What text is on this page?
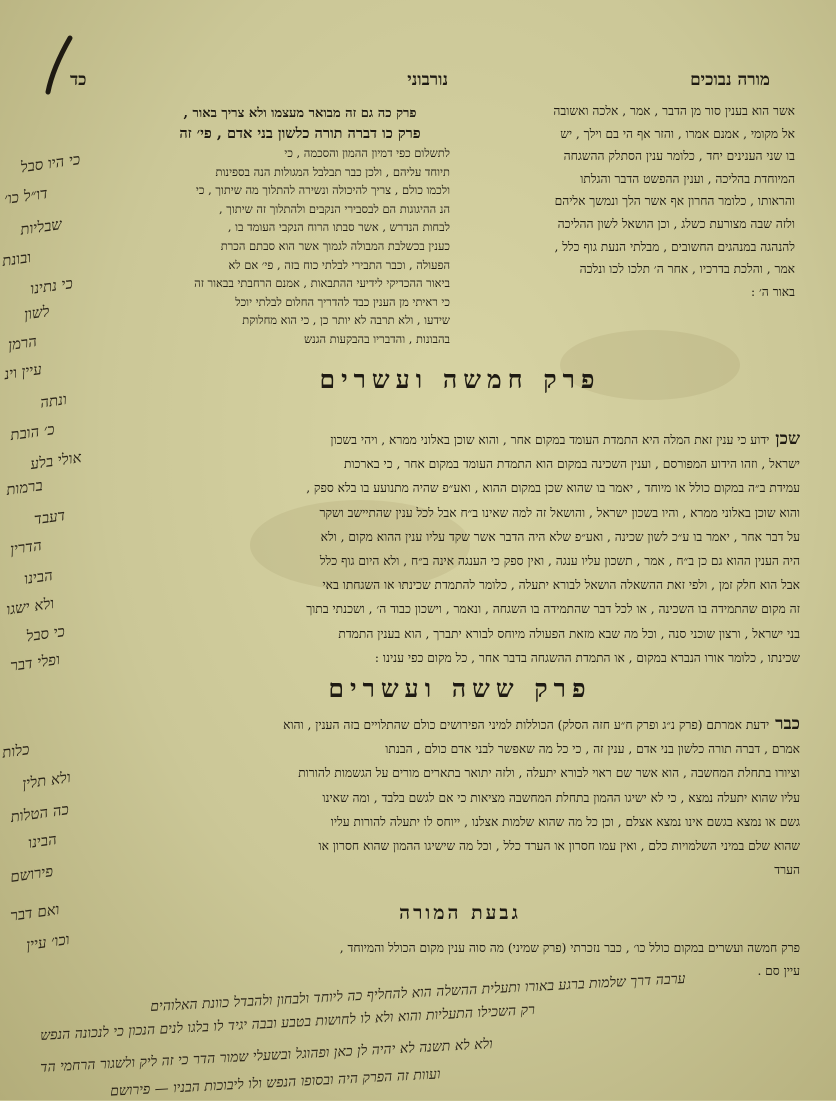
מורה נבוכים
נורבוני
כד
אשר הוא בענין סור מן הדבר , אמר , אלכה ואשובה
אל מקומי , אמנם אמרו , והזר אף הי בם וילך , יש
בו שני הענינים יחד , כלומר ענין הסתלק ההשגחה
המיוחדת בהליכה , וענין ההפשט הדבר והגלתו
והראותו , כלומר החרון אף אשר הלך ונמשך אליהם
ולזה שבה מצורעת כשלג , וכן הושאל לשון ההליכה
להנהגה במנהגים החשובים , מבלתי הנעת גוף כלל ,
אמר , והלכת בדרכיו , אחר ה׳ תלכו לכו ונלכה
באור ה׳ :
פרק כה גם זה מבואר מעצמו ולא צריך באור ,
פרק כו דברה תורה כלשון בני אדם , פי׳ זה
לתשלום כפי דמיון ההמון והסכמה , כי
תיוחד עליהם , ולכן כבר תבלבל המגולות הנה בספינות
ולכמו כולם , צריך להיכולה ונשירה להתלוך מה שיתוך , כי
הנ ההיגוגות הם לבסבירי הנקבים ולהתלוך זה שיתוך ,
לבחות הנדרש , אשר סבתו הרוח הנקבי העומד בו ,
כענין בכשלבת המבולה לגמוך אשר הוא סבתם הכרת
הפעולה , וכבר התבירי לבלתי כוח בזה , פי׳ אם לא
ביאור ההכדיקי לידיעי ההתבאות , אמנם הרחבתי בבאור זה
כי ראיתי מן הענין כבד להדריך החלום לבלתי יוכל
שידעו , ולא תרבה לא יותר כן , כי הוא מחלוקת
בהבונות , והדבריו בהבקעות הגנש
פרק חמשה ועשרים

שכן ידוע כי ענין זאת המלה היא התמדת העומד במקום אחר , והוא שוכן באלוני ממרא , ויהי בשכון

ישראל , וזהו הידוע המפורסם , וענין השכינה במקום הוא התמדת העומד במקום אחר , כי בארכות

עמידת ב״ה במקום כולל או מיוחד , יאמר בו שהוא שכן במקום ההוא , ואע״פ שהיה מתנועע בו בלא ספק ,

והוא שוכן באלוני ממרא , והיו בשכון ישראל , והושאל זה למה שאינו ב״ח אבל לכל ענין שהתיישב ושקר

על דבר אחר , יאמר בו ע״כ לשון שכינה , ואע״פ שלא היה הדבר אשר שקד עליו ענין ההוא מקום , ולא

היה הענין ההוא גם כן ב״ח , אמר , תשכון עליו ענגה , ואין ספק כי הענגה אינה ב״ח , ולא היום גוף כלל

אבל הוא חלק זמן , ולפי זאת ההשאלה הושאל לבורא יתעלה , כלומר להתמדת שכינתו או השגחתו באי

זה מקום שהתמידה בו השכינה , או לכל דבר שהתמידה בו השגחה , ונאמר , וישכון כבוד ה׳ , ושכנתי בתוך

בני ישראל , ורצון שוכני סנה , וכל מה שבא מזאת הפעולה מיוחס לבורא יתברך , הוא בענין התמדת

שכינתו , כלומר אורו הנברא במקום , או התמדת ההשגחה בדבר אחר , כל מקום כפי ענינו :

פרק ששה ועשרים

כבר ידעת אמרתם (פרק נ״ג ופרק ח״ע חזה הסלק) הכוללות למיני הפירושים כולם שהתלויים בזה הענין , והוא

אמרם , דברה תורה כלשון בני אדם , ענין זה , כי כל מה שאפשר לבני אדם כולם , הבנתו

וציורו בתחלת המחשבה , הוא אשר שם ראוי לבורא יתעלה , ולזה יתואר בתארים מורים על הגשמות להורות

עליו שהוא יתעלה נמצא , כי לא ישיגו ההמון בתחלת המחשבה מציאות כי אם לגשם בלבד , ומה שאינו

גשם או נמצא בגשם אינו נמצא אצלם , וכן כל מה שהוא שלמות אצלנו , ייוחס לו יתעלה להורות עליו

שהוא שלם במיני השלמויות כלם , ואין עמו חסרון או הערד כלל , וכל מה שישיגו ההמון שהוא חסרון או

הערד

גבעת המורה

פרק חמשה ועשרים במקום כולל כו׳ , כבר נזכרתי (פרק שמיני) מה סוה ענין מקום הכולל והמיוחד ,

עיין סם .

כי היו סבל
דו״ל כו׳
שבליות
ובונת
כי נתינו
לשון
הרמן
עיין וינ
ונתה
כ׳ הובת
אולי בלע
ברמות
דעבד
הדרין
הבינו
ולא ישגו
כי סבל
ופלי דבר
כלות
ולא תלין
כה הטלות
הבינו
פירושם
ואם דבר
וכו׳ עיין
ערבה דרך שלמות ברגע באורו ותעלית ההשלה הוא להחליף כה ליוחד ולבחון ולהבדל כוונת האלוהים
רק השכילו התעליות והוא ולא לו לחושות בטבע ובבה יגיד לו בלגו לנים הנכון כי לנכונה הנפש
ולא לא תשנה לא יהיה לן כאן ופהוגל ובשעלי שמור הדר כי זה ליק ולשגור הרחמי הד
ועוות זה הפרק היה ובסופו הנפש ולו ליבוכות הבניו — פירושם
